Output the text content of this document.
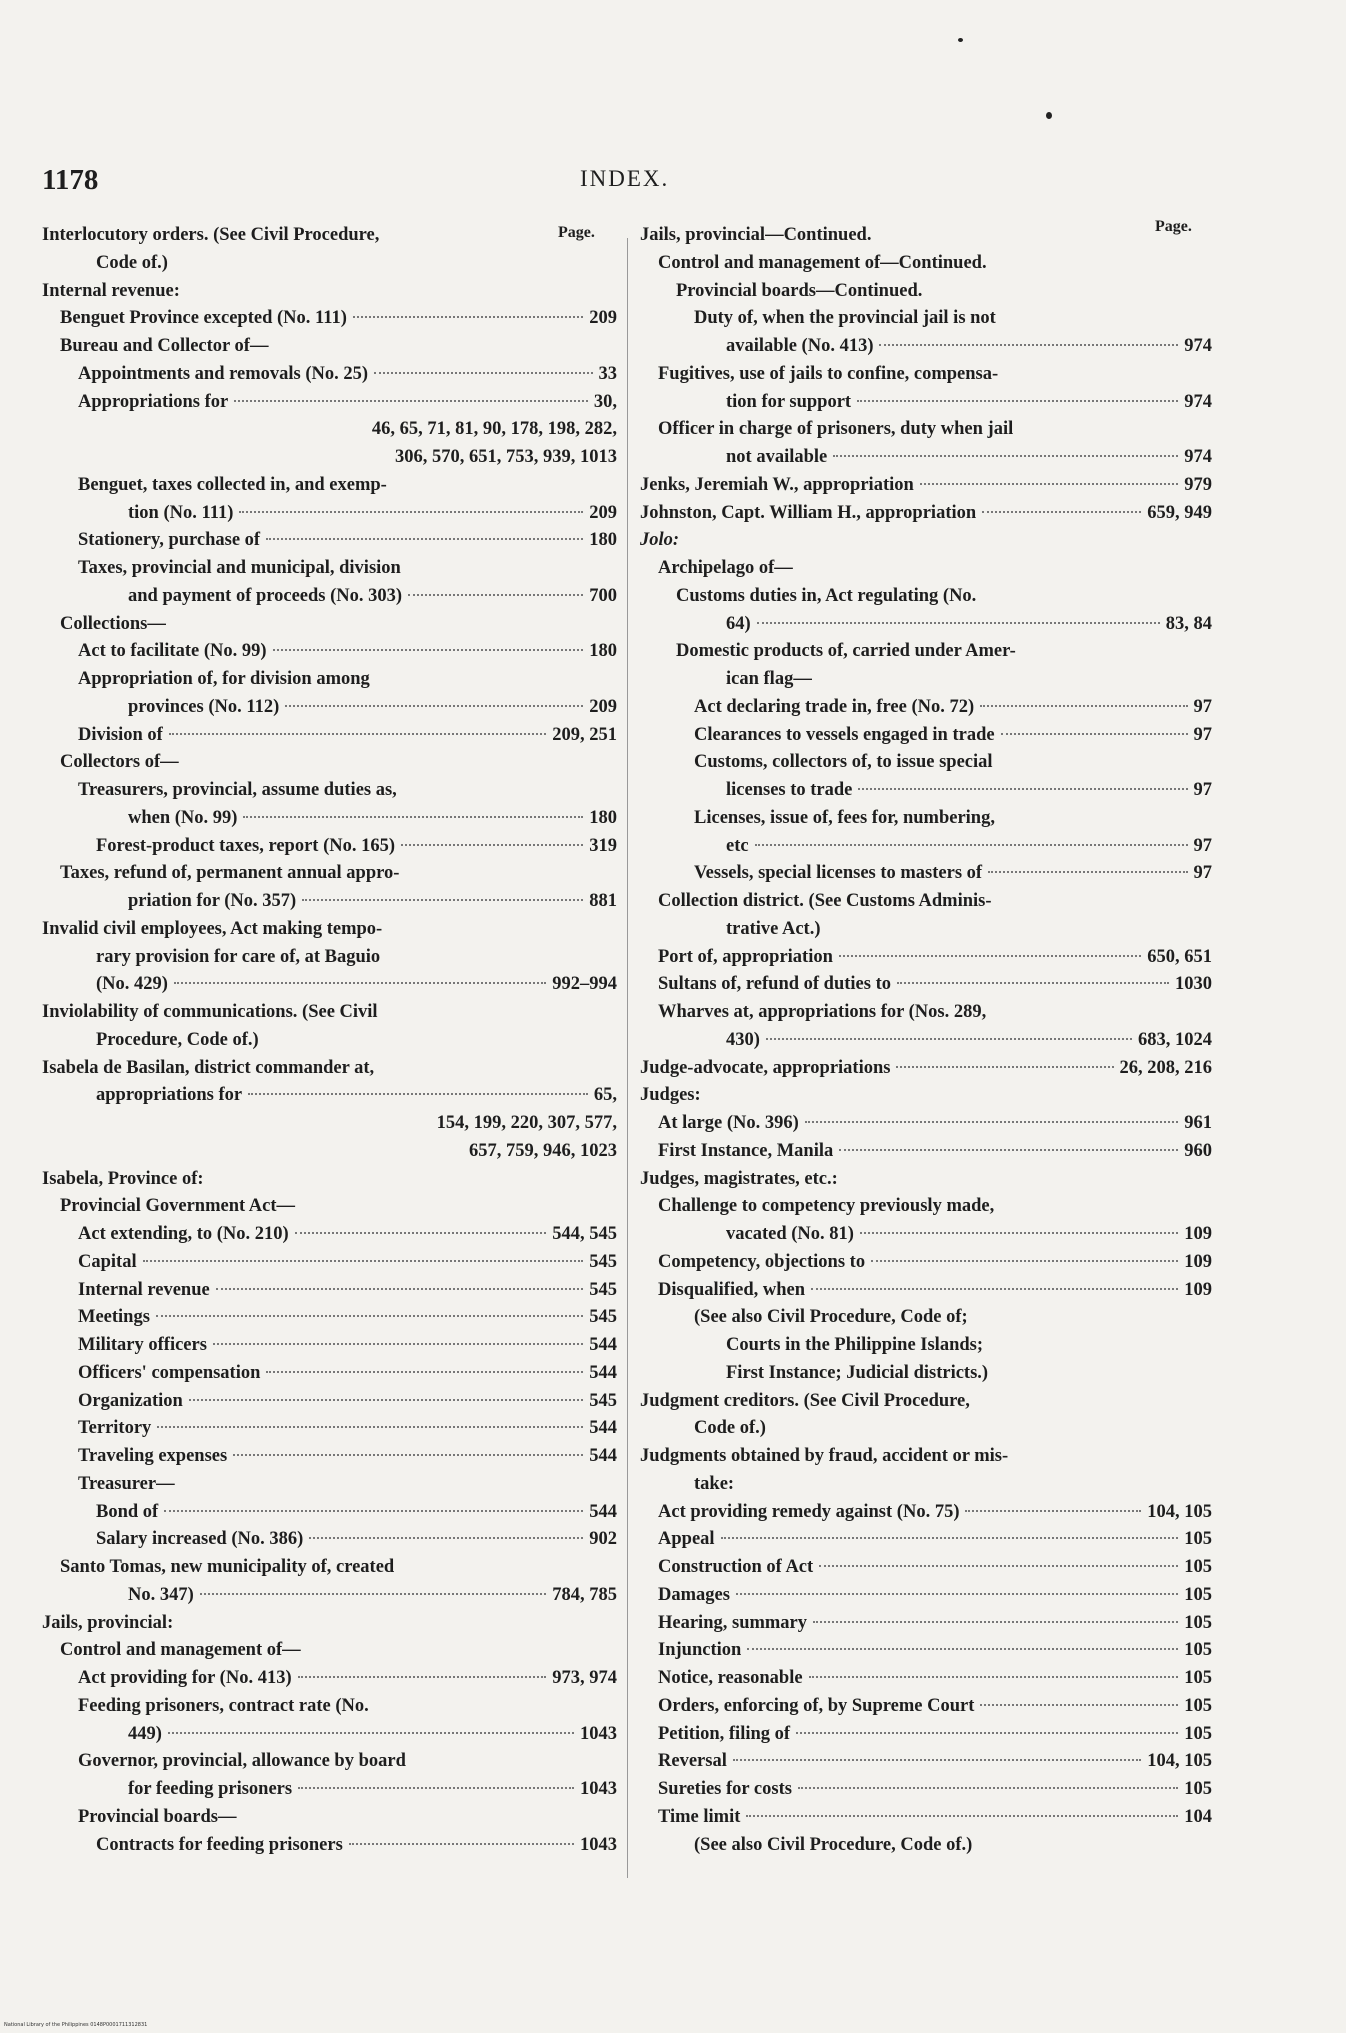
1178	INDEX.
Page.	Page.
Interlocutory orders. (See Civil Procedure,
Code of.)
Internal revenue:
Benguet Province excepted (No. 111)	209
Bureau and Collector of—
Appointments and removals (No. 25)	33
Appropriations for	30,
46, 65, 71, 81, 90, 178, 198, 282,
306, 570, 651, 753, 939, 1013
Benguet, taxes collected in, and exemp-
tion (No. 111)	209
Stationery, purchase of	180
Taxes, provincial and municipal, division
and payment of proceeds (No. 303)	700
Collections—
Act to facilitate (No. 99)	180
Appropriation of, for division among
provinces (No. 112)	209
Division of	209, 251
Collectors of—
Treasurers, provincial, assume duties as,
when (No. 99)	180
Forest-product taxes, report (No. 165)	319
Taxes, refund of, permanent annual appro-
priation for (No. 357)	881
Invalid civil employees, Act making tempo-
rary provision for care of, at Baguio
(No. 429)	992–994
Inviolability of communications. (See Civil
Procedure, Code of.)
Isabela de Basilan, district commander at,
appropriations for	65,
154, 199, 220, 307, 577,
657, 759, 946, 1023
Isabela, Province of:
Provincial Government Act—
Act extending, to (No. 210)	544, 545
Capital	545
Internal revenue	545
Meetings	545
Military officers	544
Officers' compensation	544
Organization	545
Territory	544
Traveling expenses	544
Treasurer—
Bond of	544
Salary increased (No. 386)	902
Santo Tomas, new municipality of, created
No. 347)	784, 785
Jails, provincial:
Control and management of—
Act providing for (No. 413)	973, 974
Feeding prisoners, contract rate (No.
449)	1043
Governor, provincial, allowance by board
for feeding prisoners	1043
Provincial boards—
Contracts for feeding prisoners	1043
Jails, provincial—Continued.
Control and management of—Continued.
Provincial boards—Continued.
Duty of, when the provincial jail is not
available (No. 413)	974
Fugitives, use of jails to confine, compensa-
tion for support	974
Officer in charge of prisoners, duty when jail
not available	974
Jenks, Jeremiah W., appropriation	979
Johnston, Capt. William H., appropriation	659, 949
Jolo:
Archipelago of—
Customs duties in, Act regulating (No.
64)	83, 84
Domestic products of, carried under Amer-
ican flag—
Act declaring trade in, free (No. 72)	97
Clearances to vessels engaged in trade	97
Customs, collectors of, to issue special
licenses to trade	97
Licenses, issue of, fees for, numbering,
etc	97
Vessels, special licenses to masters of	97
Collection district. (See Customs Adminis-
trative Act.)
Port of, appropriation	650, 651
Sultans of, refund of duties to	1030
Wharves at, appropriations for (Nos. 289,
430)	683, 1024
Judge-advocate, appropriations	26, 208, 216
Judges:
At large (No. 396)	961
First Instance, Manila	960
Judges, magistrates, etc.:
Challenge to competency previously made,
vacated (No. 81)	109
Competency, objections to	109
Disqualified, when	109
(See also Civil Procedure, Code of;
Courts in the Philippine Islands;
First Instance; Judicial districts.)
Judgment creditors. (See Civil Procedure,
Code of.)
Judgments obtained by fraud, accident or mis-
take:
Act providing remedy against (No. 75)	104, 105
Appeal	105
Construction of Act	105
Damages	105
Hearing, summary	105
Injunction	105
Notice, reasonable	105
Orders, enforcing of, by Supreme Court	105
Petition, filing of	105
Reversal	104, 105
Sureties for costs	105
Time limit	104
(See also Civil Procedure, Code of.)
National Library of the Philippines 0148P0001711312831
